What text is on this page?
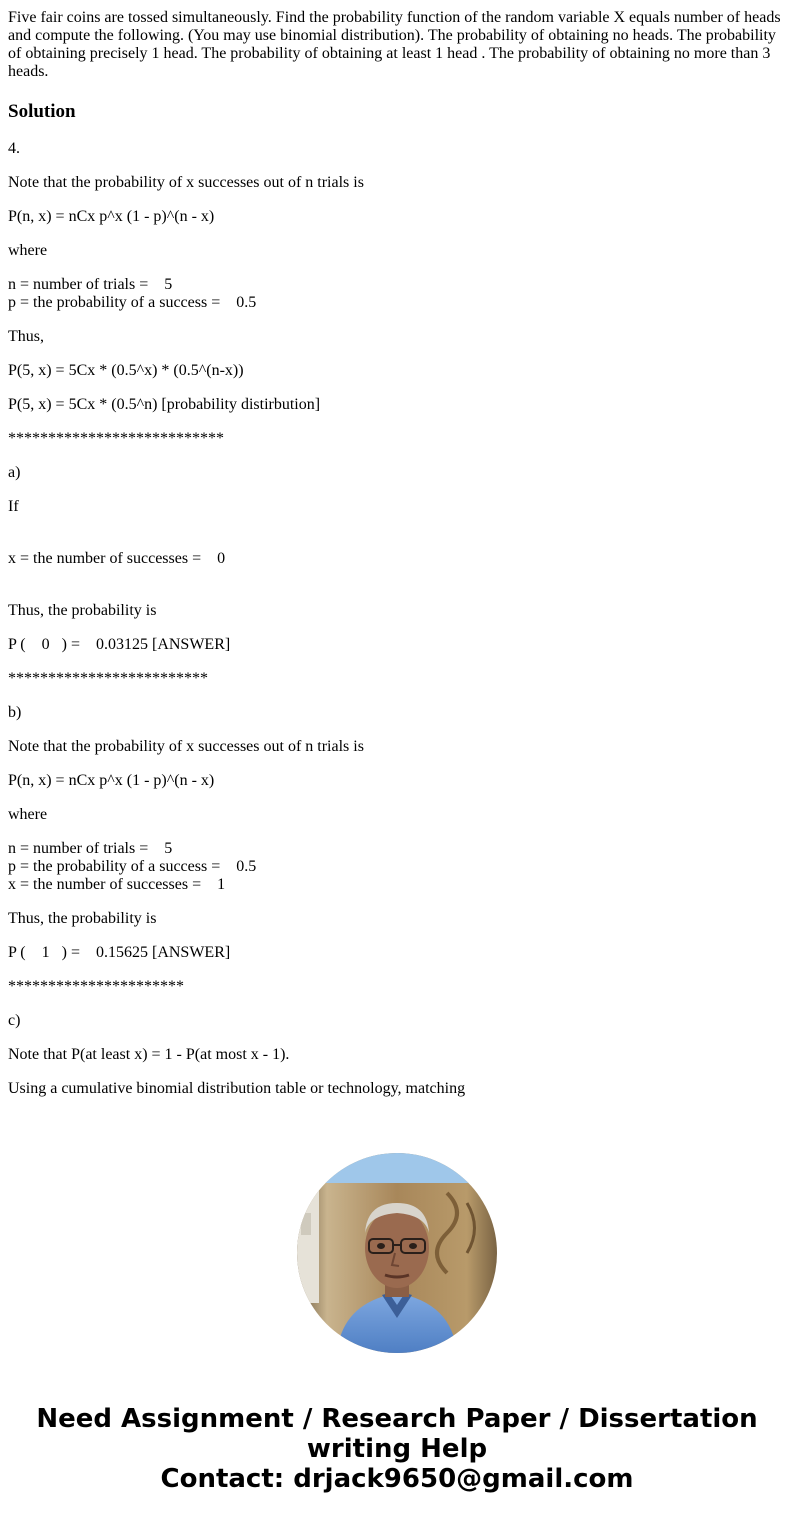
Five fair coins are tossed simultaneously. Find the probability function of the random variable X equals number of heads and compute the following. (You may use binomial distribution). The probability of obtaining no heads. The probability of obtaining precisely 1 head. The probability of obtaining at least 1 head . The probability of obtaining no more than 3 heads.

Solution
4.
Note that the probability of x successes out of n trials is
P(n, x) = nCx p^x (1 - p)^(n - x)
where
n = number of trials =    5
p = the probability of a success =    0.5
Thus,
P(5, x) = 5Cx * (0.5^x) * (0.5^(n-x))
P(5, x) = 5Cx * (0.5^n) [probability distirbution]
***************************
a)
If
x = the number of successes =    0
Thus, the probability is
P (    0   ) =    0.03125 [ANSWER]
*************************
b)
Note that the probability of x successes out of n trials is
P(n, x) = nCx p^x (1 - p)^(n - x)
where
n = number of trials =    5
p = the probability of a success =    0.5
x = the number of successes =    1
Thus, the probability is
P (    1   ) =    0.15625 [ANSWER]
**********************
c)
Note that P(at least x) = 1 - P(at most x - 1).
Using a cumulative binomial distribution table or technology, matching
Need Assignment / Research Paper / Dissertation
writing Help
Contact: drjack9650@gmail.com
